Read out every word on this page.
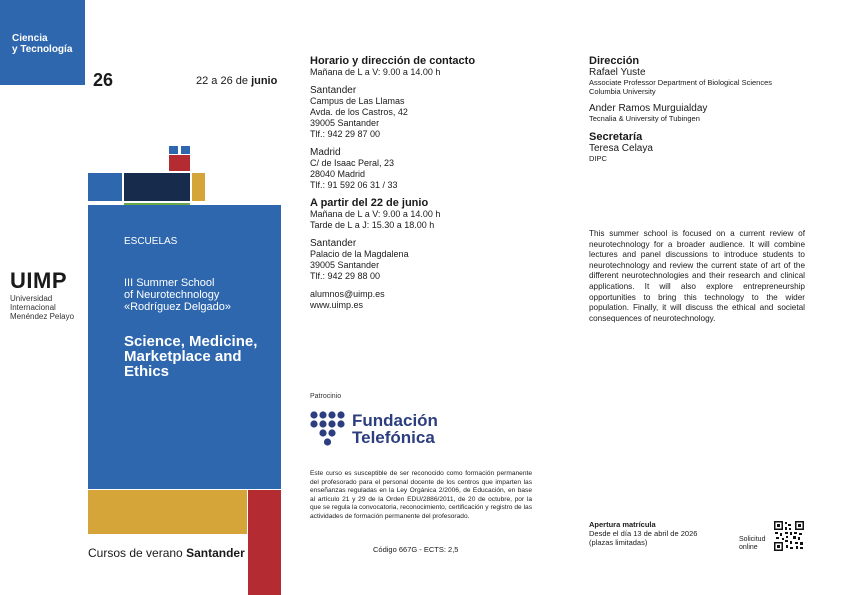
Ciencia
y Tecnología
26	22 a 26 de junio
ESCUELAS
III Summer School
of Neurotechnology
«Rodríguez Delgado»
Science, Medicine,
Marketplace and
Ethics
Cursos de verano Santander
UIMP
Universidad
Internacional
Menéndez Pelayo
Horario y dirección de contacto
Mañana de L a V: 9.00 a 14.00 h
Santander
Campus de Las Llamas
Avda. de los Castros, 42
39005 Santander
Tlf.: 942 29 87 00
Madrid
C/ de Isaac Peral, 23
28040 Madrid
Tlf.: 91 592 06 31 / 33
A partir del 22 de junio
Mañana de L a V: 9.00 a 14.00 h
Tarde de L a J: 15.30 a 18.00 h
Santander
Palacio de la Magdalena
39005 Santander
Tlf.: 942 29 88 00
alumnos@uimp.es
www.uimp.es
Patrocinio
Fundación
Telefónica
Este curso es susceptible de ser reconocido como formación permanente del profesorado para el personal docente de los centros que imparten las enseñanzas reguladas en la Ley Orgánica 2/2006, de Educación, en base al artículo 21 y 29 de la Orden EDU/2886/2011, de 20 de octubre, por la que se regula la convocatoria, reconocimiento, certificación y registro de las actividades de formación permanente del profesorado.
Código 667G - ECTS: 2,5
Dirección
Rafael Yuste
Associate Professor Department of Biological Sciences
Columbia University
Ander Ramos Murguialday
Tecnalia & University of Tubingen
Secretaría
Teresa Celaya
DIPC
This summer school is focused on a current review of neurotechnology for a broader audience. It will combine lectures and panel discussions to introduce students to neurotechnology and review the current state of art of the different neurotechnologies and their research and clinical applications. It will also explore entrepreneurship opportunities to bring this technology to the wider population. Finally, it will discuss the ethical and societal consequences of neurotechnology.
Apertura matrícula
Desde el día 13 de abril de 2026
(plazas limitadas)	Solicitud
online
